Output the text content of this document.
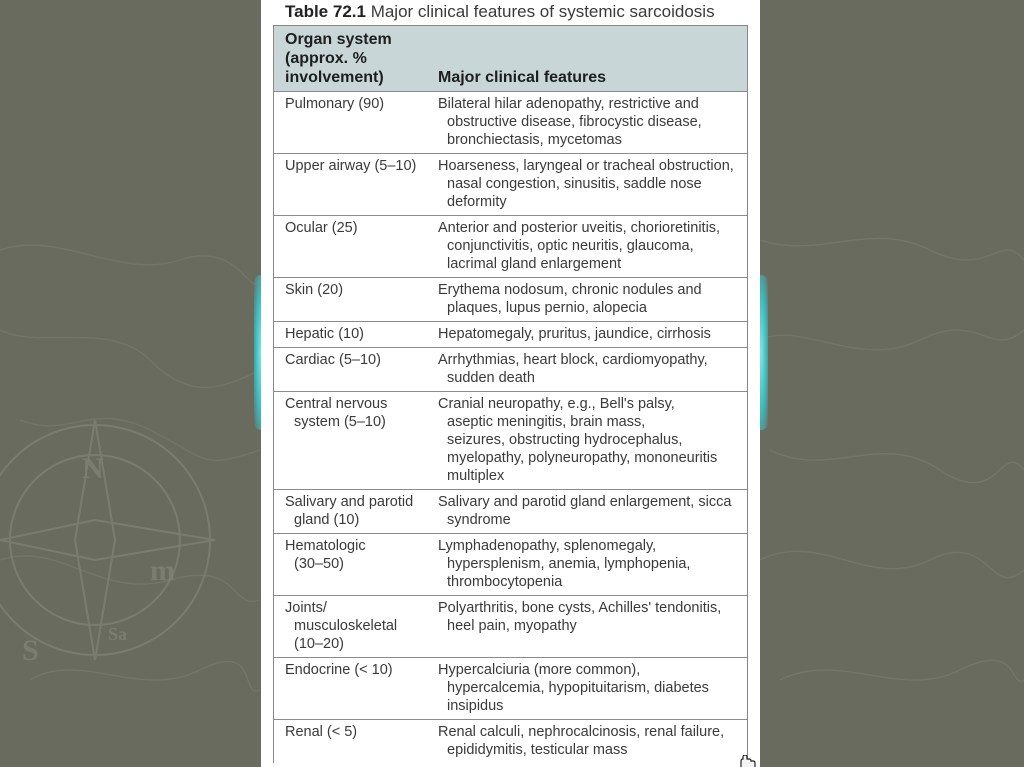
N
S
m
Sa
Table 72.1 Major clinical features of systemic sarcoidosis
Organ system
(approx. %
involvement)	Major clinical features

Pulmonary (90)	Bilateral hilar adenopathy, restrictive and
obstructive disease, fibrocystic disease,
bronchiectasis, mycetomas

Upper airway (5–10)	Hoarseness, laryngeal or tracheal obstruction,
nasal congestion, sinusitis, saddle nose
deformity

Ocular (25)	Anterior and posterior uveitis, chorioretinitis,
conjunctivitis, optic neuritis, glaucoma,
lacrimal gland enlargement

Skin (20)	Erythema nodosum, chronic nodules and
plaques, lupus pernio, alopecia

Hepatic (10)	Hepatomegaly, pruritus, jaundice, cirrhosis

Cardiac (5–10)	Arrhythmias, heart block, cardiomyopathy,
sudden death

Central nervous
system (5–10)	Cranial neuropathy, e.g., Bell's palsy,
aseptic meningitis, brain mass,
seizures, obstructing hydrocephalus,
myelopathy, polyneuropathy, mononeuritis
multiplex

Salivary and parotid
gland (10)	Salivary and parotid gland enlargement, sicca
syndrome

Hematologic
(30–50)	Lymphadenopathy, splenomegaly,
hypersplenism, anemia, lymphopenia,
thrombocytopenia

Joints/
musculoskeletal
(10–20)	Polyarthritis, bone cysts, Achilles' tendonitis,
heel pain, myopathy

Endocrine (< 10)	Hypercalciuria (more common),
hypercalcemia, hypopituitarism, diabetes
insipidus

Renal (< 5)	Renal calculi, nephrocalcinosis, renal failure,
epididymitis, testicular mass
